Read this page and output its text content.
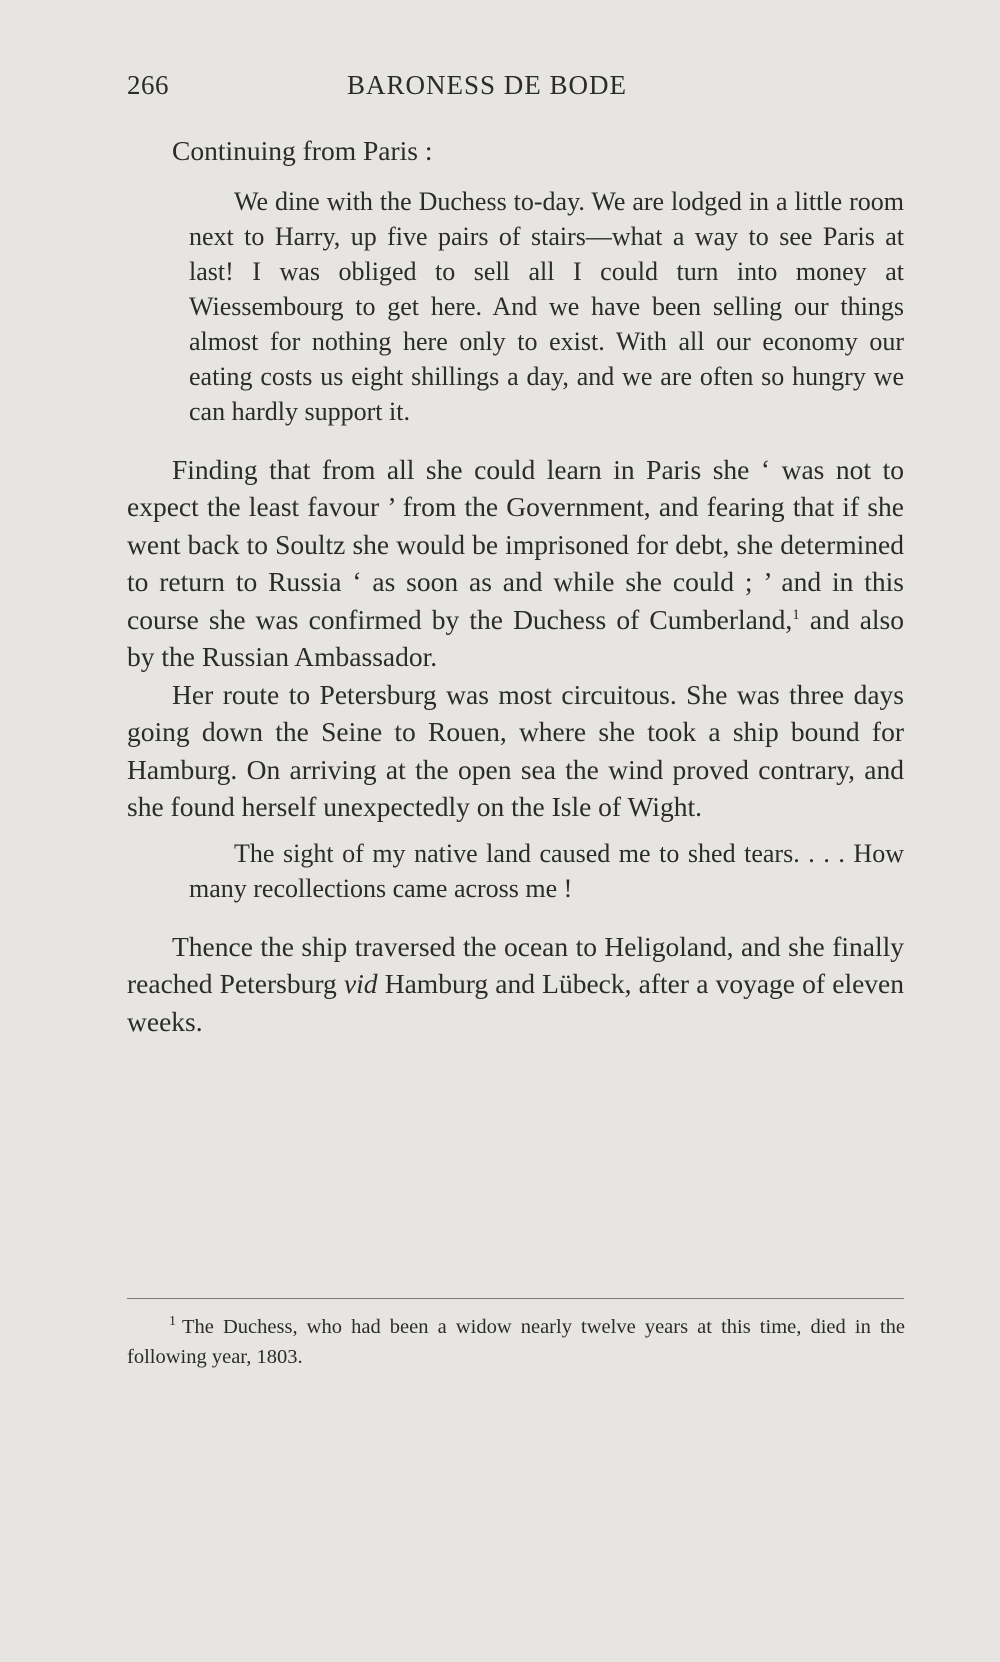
266	BARONESS DE BODE

Continuing from Paris :

We dine with the Duchess to-day. We are lodged in a little room next to Harry, up five pairs of stairs—what a way to see Paris at last! I was obliged to sell all I could turn into money at Wiessembourg to get here. And we have been selling our things almost for nothing here only to exist. With all our economy our eating costs us eight shillings a day, and we are often so hungry we can hardly support it.

Finding that from all she could learn in Paris she ‘ was not to expect the least favour ’ from the Government, and fearing that if she went back to Soultz she would be imprisoned for debt, she determined to return to Russia ‘ as soon as and while she could ; ’ and in this course she was confirmed by the Duchess of Cumberland,$^1$ and also by the Russian Ambassador.

Her route to Petersburg was most circuitous. She was three days going down the Seine to Rouen, where she took a ship bound for Hamburg. On arriving at the open sea the wind proved contrary, and she found herself unexpectedly on the Isle of Wight.

The sight of my native land caused me to shed tears. . . . How many recollections came across me !

Thence the ship traversed the ocean to Heligoland, and she finally reached Petersburg vid Hamburg and Lübeck, after a voyage of eleven weeks.

$^1$ The Duchess, who had been a widow nearly twelve years at this time, died in the following year, 1803.
